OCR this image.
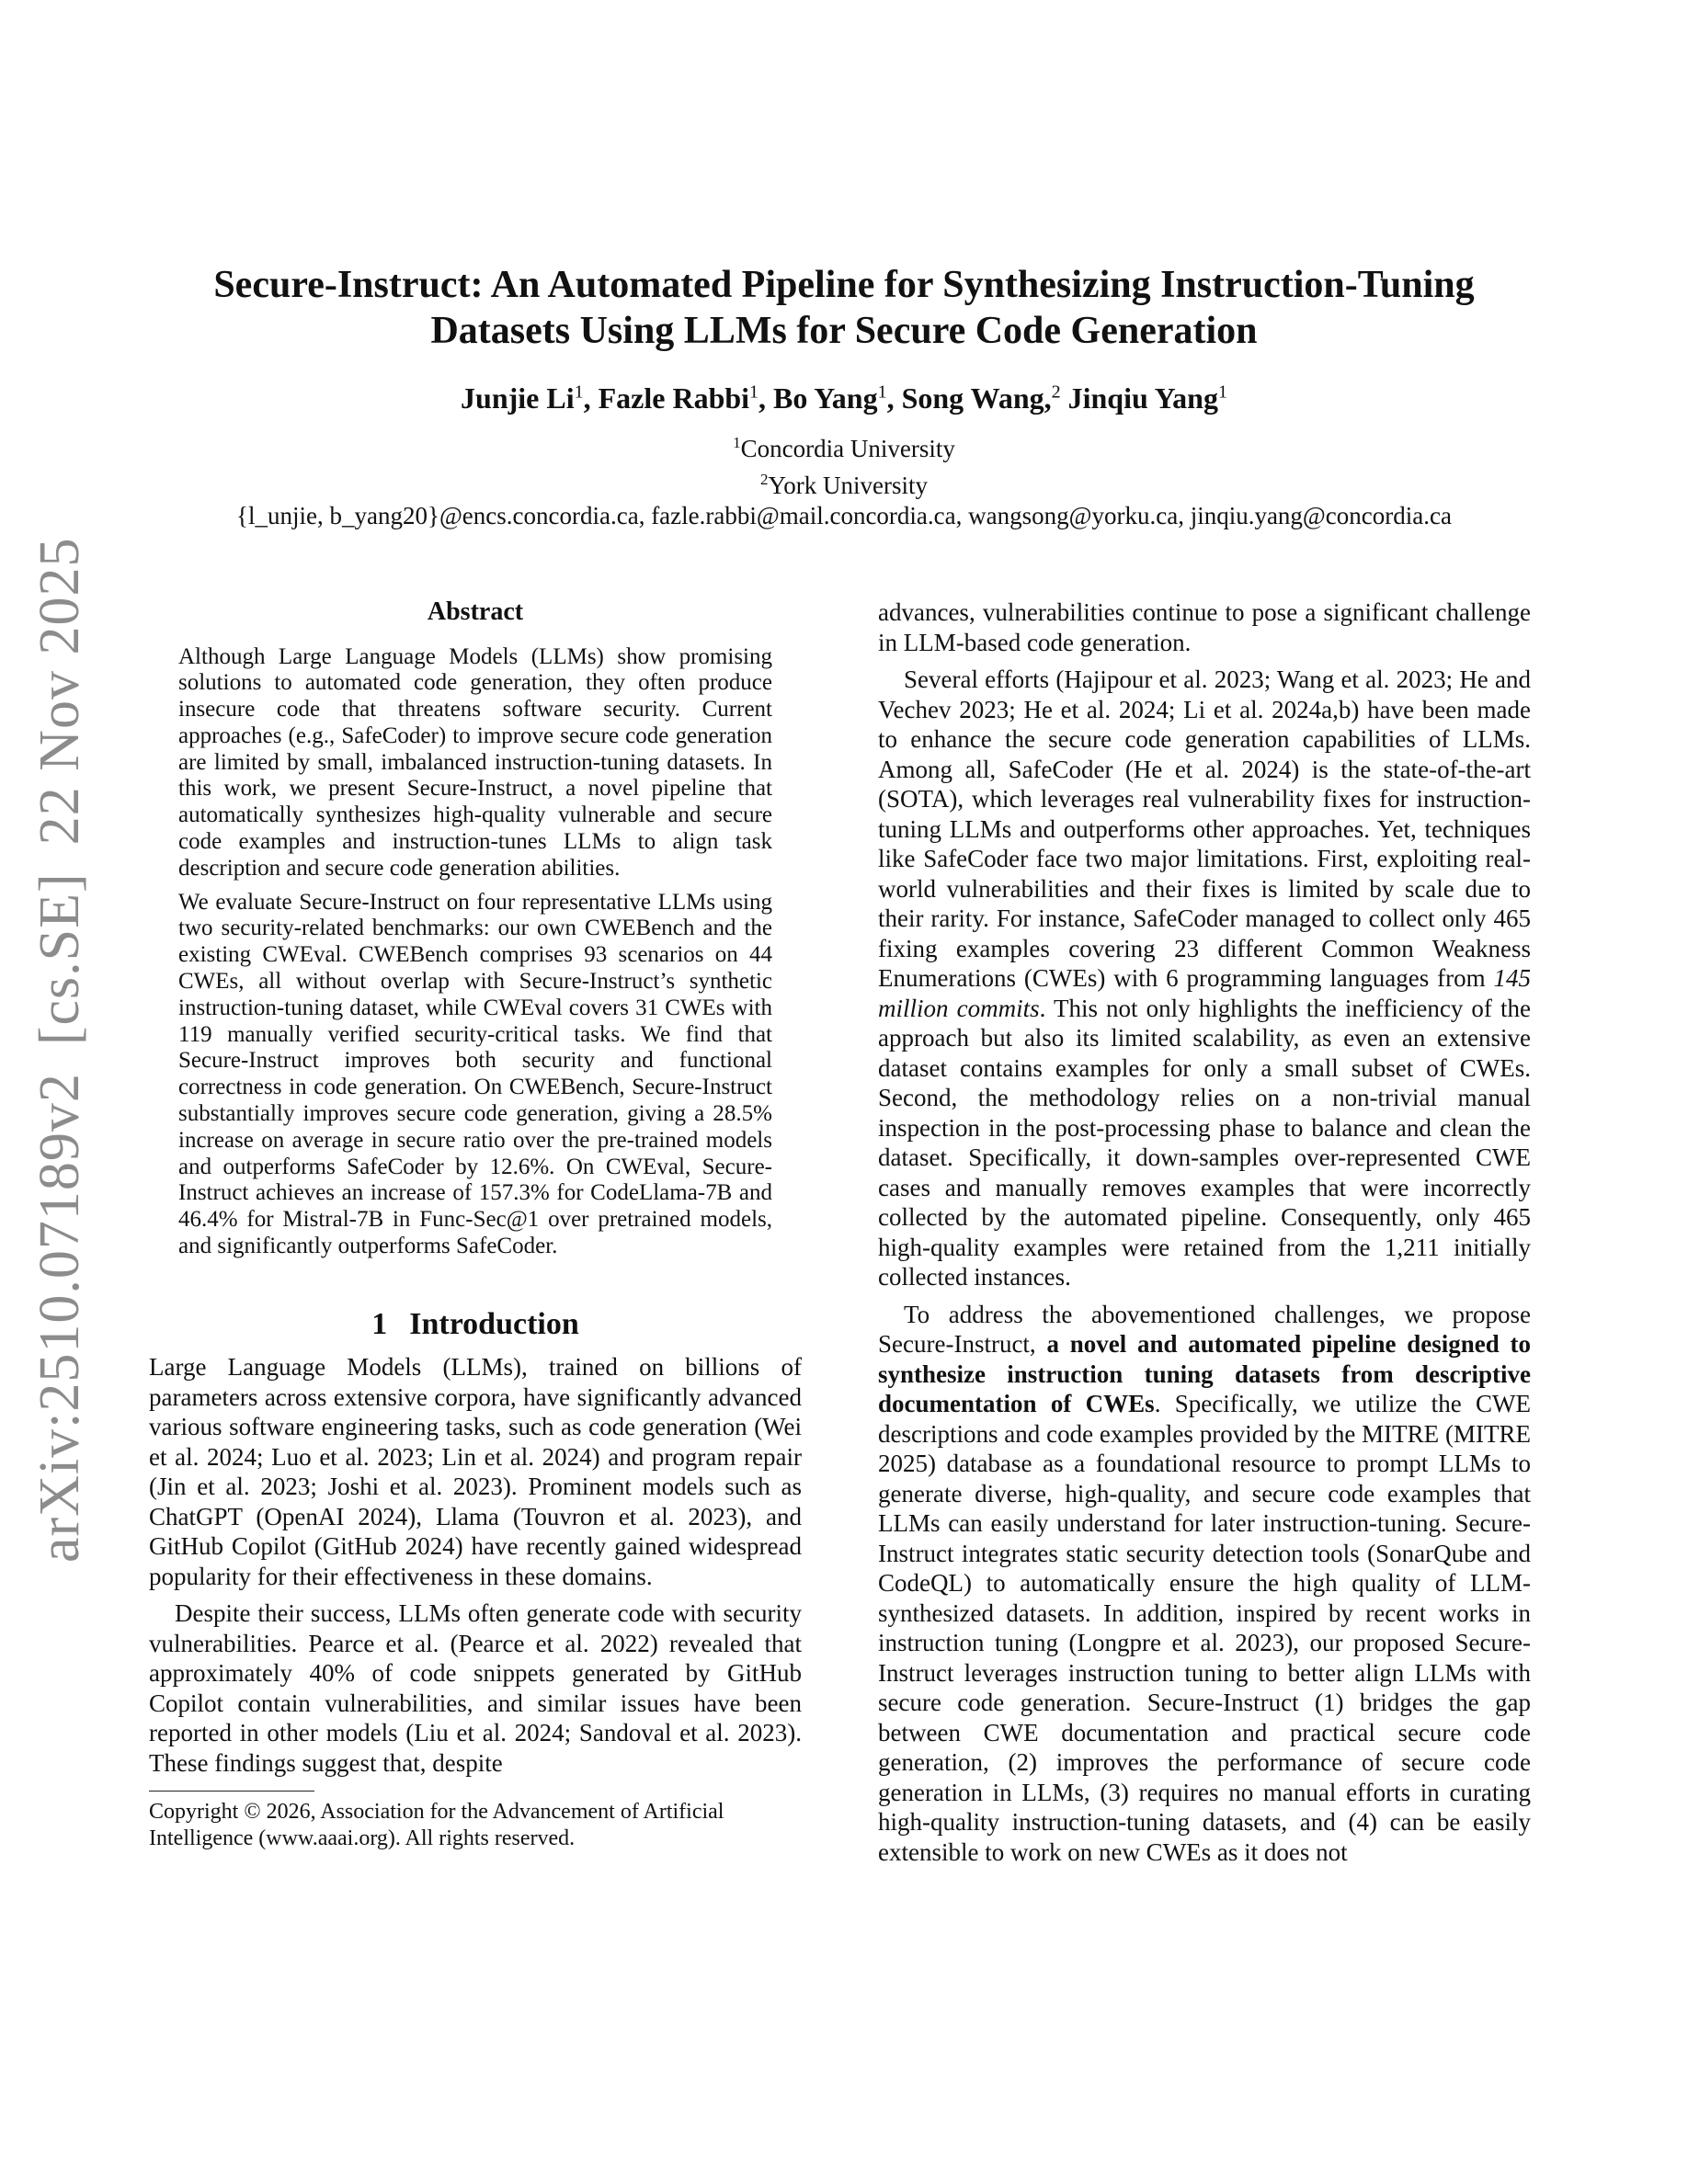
arXiv:2510.07189v2[cs.SE]22 Nov 2025
Secure-Instruct: An Automated Pipeline for Synthesizing Instruction-Tuning
Datasets Using LLMs for Secure Code Generation
Junjie Li$^1$, Fazle Rabbi$^1$, Bo Yang$^1$, Song Wang,$^2$ Jinqiu Yang$^1$
$^1$Concordia University
$^2$York University
{l_unjie, b_yang20}@encs.concordia.ca, fazle.rabbi@mail.concordia.ca, wangsong@yorku.ca, jinqiu.yang@concordia.ca
Abstract

Although Large Language Models (LLMs) show promising solutions to automated code generation, they often produce insecure code that threatens software security. Current approaches (e.g., SafeCoder) to improve secure code generation are limited by small, imbalanced instruction-tuning datasets. In this work, we present Secure-Instruct, a novel pipeline that automatically synthesizes high-quality vulnerable and secure code examples and instruction-tunes LLMs to align task description and secure code generation abilities.

We evaluate Secure-Instruct on four representative LLMs using two security-related benchmarks: our own CWEBench and the existing CWEval. CWEBench comprises 93 scenarios on 44 CWEs, all without overlap with Secure-Instruct’s synthetic instruction-tuning dataset, while CWEval covers 31 CWEs with 119 manually verified security-critical tasks. We find that Secure-Instruct improves both security and functional correctness in code generation. On CWEBench, Secure-Instruct substantially improves secure code generation, giving a 28.5% increase on average in secure ratio over the pre-trained models and outperforms SafeCoder by 12.6%. On CWEval, Secure-Instruct achieves an increase of 157.3% for CodeLlama-7B and 46.4% for Mistral-7B in Func-Sec@1 over pretrained models, and significantly outperforms SafeCoder.

1 Introduction

Large Language Models (LLMs), trained on billions of parameters across extensive corpora, have significantly advanced various software engineering tasks, such as code generation (Wei et al. 2024; Luo et al. 2023; Lin et al. 2024) and program repair (Jin et al. 2023; Joshi et al. 2023). Prominent models such as ChatGPT (OpenAI 2024), Llama (Touvron et al. 2023), and GitHub Copilot (GitHub 2024) have recently gained widespread popularity for their effectiveness in these domains.

Despite their success, LLMs often generate code with security vulnerabilities. Pearce et al. (Pearce et al. 2022) revealed that approximately 40% of code snippets generated by GitHub Copilot contain vulnerabilities, and similar issues have been reported in other models (Liu et al. 2024; Sandoval et al. 2023). These findings suggest that, despite

Copyright © 2026, Association for the Advancement of Artificial Intelligence (www.aaai.org). All rights reserved.

advances, vulnerabilities continue to pose a significant challenge in LLM-based code generation.

Several efforts (Hajipour et al. 2023; Wang et al. 2023; He and Vechev 2023; He et al. 2024; Li et al. 2024a,b) have been made to enhance the secure code generation capabilities of LLMs. Among all, SafeCoder (He et al. 2024) is the state-of-the-art (SOTA), which leverages real vulnerability fixes for instruction-tuning LLMs and outperforms other approaches. Yet, techniques like SafeCoder face two major limitations. First, exploiting real-world vulnerabilities and their fixes is limited by scale due to their rarity. For instance, SafeCoder managed to collect only 465 fixing examples covering 23 different Common Weakness Enumerations (CWEs) with 6 programming languages from 145 million commits. This not only highlights the inefficiency of the approach but also its limited scalability, as even an extensive dataset contains examples for only a small subset of CWEs. Second, the methodology relies on a non-trivial manual inspection in the post-processing phase to balance and clean the dataset. Specifically, it down-samples over-represented CWE cases and manually removes examples that were incorrectly collected by the automated pipeline. Consequently, only 465 high-quality examples were retained from the 1,211 initially collected instances.

To address the abovementioned challenges, we propose Secure-Instruct, a novel and automated pipeline designed to synthesize instruction tuning datasets from descriptive documentation of CWEs. Specifically, we utilize the CWE descriptions and code examples provided by the MITRE (MITRE 2025) database as a foundational resource to prompt LLMs to generate diverse, high-quality, and secure code examples that LLMs can easily understand for later instruction-tuning. Secure-Instruct integrates static security detection tools (SonarQube and CodeQL) to automatically ensure the high quality of LLM-synthesized datasets. In addition, inspired by recent works in instruction tuning (Longpre et al. 2023), our proposed Secure-Instruct leverages instruction tuning to better align LLMs with secure code generation. Secure-Instruct (1) bridges the gap between CWE documentation and practical secure code generation, (2) improves the performance of secure code generation in LLMs, (3) requires no manual efforts in curating high-quality instruction-tuning datasets, and (4) can be easily extensible to work on new CWEs as it does not
